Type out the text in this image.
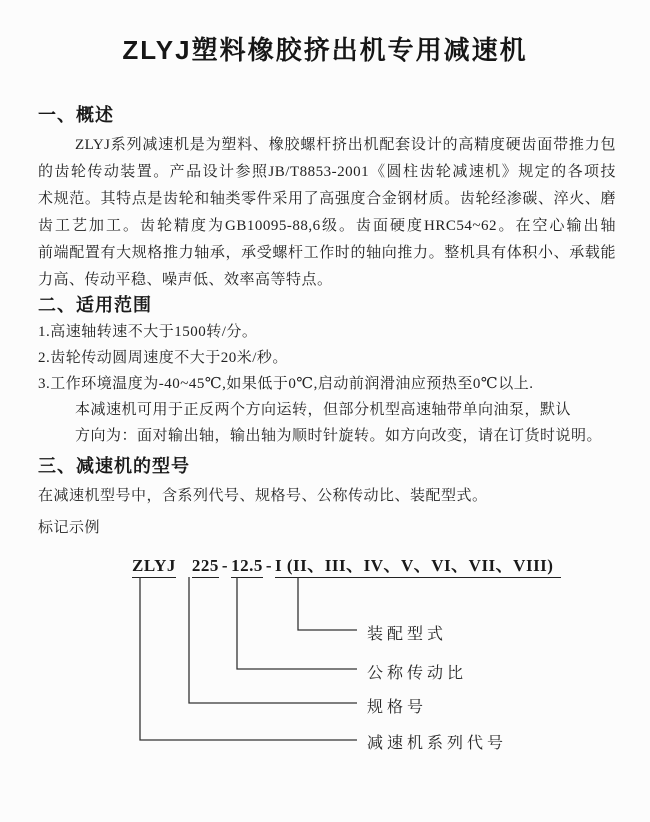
ZLYJ塑料橡胶挤出机专用减速机
一、概述
ZLYJ系列减速机是为塑料、橡胶螺杆挤出机配套设计的高精度硬齿面带推力包
的齿轮传动装置。产品设计参照JB/T8853-2001《圆柱齿轮减速机》规定的各项技
术规范。其特点是齿轮和轴类零件采用了高强度合金钢材质。齿轮经渗碳、淬火、磨
齿工艺加工。齿轮精度为GB10095-88,6级。齿面硬度HRC54~62。在空心输出轴
前端配置有大规格推力轴承，承受螺杆工作时的轴向推力。整机具有体积小、承载能
力高、传动平稳、噪声低、效率高等特点。
二、适用范围
1.高速轴转速不大于1500转/分。
2.齿轮传动圆周速度不大于20米/秒。
3.工作环境温度为-40~45℃,如果低于0℃,启动前润滑油应预热至0℃以上.
本减速机可用于正反两个方向运转，但部分机型高速轴带单向油泵，默认
方向为：面对输出轴，输出轴为顺时针旋转。如方向改变，请在订货时说明。
三、减速机的型号
在减速机型号中，含系列代号、规格号、公称传动比、装配型式。
标记示例
ZLYJ 225 - 12.5 - I (II、III、IV、V、VI、VII、VIII)
装配型式
公称传动比
规格号
减速机系列代号
